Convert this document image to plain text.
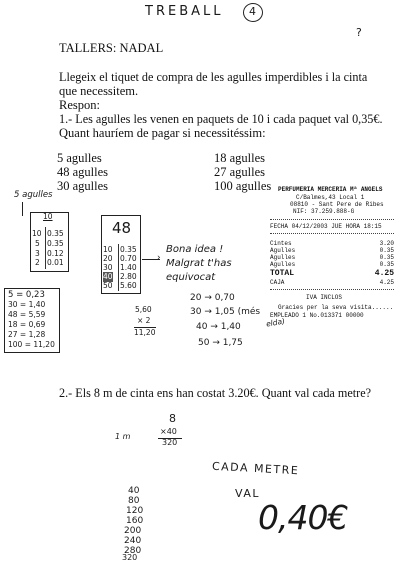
TREBALL 4
?
TALLERS: NADAL
Llegeix el tiquet de compra de les agulles imperdibles i la cinta
que necessitem.
Respon:
1.- Les agulles les venen en paquets de 10 i cada paquet val 0,35€.
Quant hauríem de pagar si necessitéssim:
5 agulles
48 agulles
30 agulles
18 agulles
27 agulles
100 agulles PERFUMERIA MERCERIA Mª ANGELS
C/Balmes,43 Local 1
08810 - Sant Pere de Ribes
NIF: 37.259.888-G
FECHA 04/12/2003 JUE HORA 18:15
Cintes	3.20
Agulles	0.35
Agulles	0.35
Agulles	0.35
TOTAL	4.25
CAJA	4.25
IVA INCLOS
Gracies per la seva visita......
EMPLEADO 1 No.013371 00000
5 agulles
10
10 0.35
5 0.35
3 0.12
2 0.01
48
10 0.35
20 0.70
30 1.40
40 2.80
50 5.60
5 = 0,23
30 = 1,40
48 = 5,59
18 = 0,69
27 = 1,28
100 = 11,20
5,60
× 2
11,20
›
Bona idea !
Malgrat t'has
equivocat
20 → 0,70
30 → 1,05 (més
elda)
40 → 1,40
50 → 1,75
2.- Els 8 m de cinta ens han costat 3.20€. Quant val cada metre?
1 m
8
×40
320
40
80
120
160
200
240
280
320
CADA METRE
VAL
0,40€
